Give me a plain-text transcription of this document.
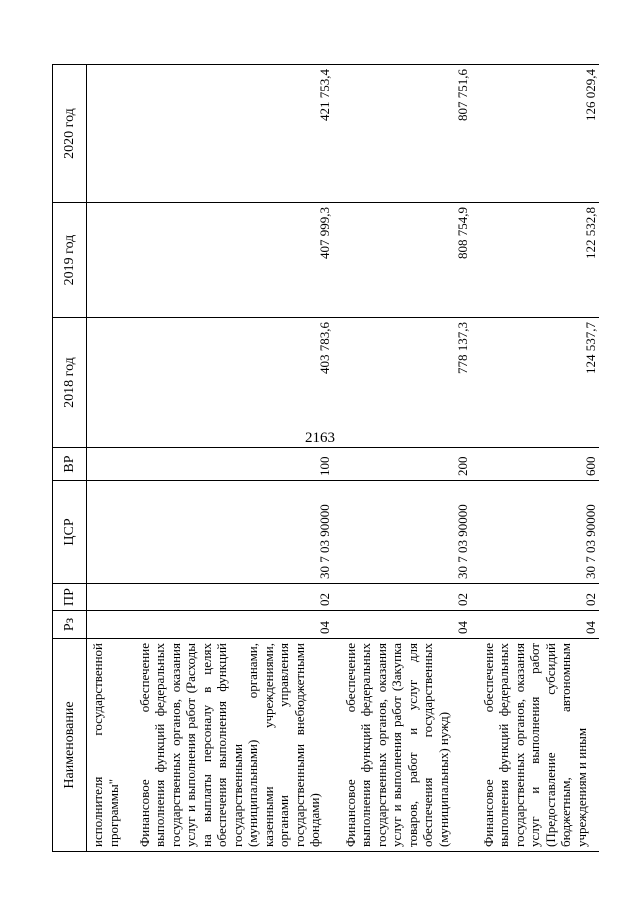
2163
Наименование	Рз	ПР	ЦСР	ВР	2018 год	2019 год	2020 год
исполнителя государственной программы"							
Финансовое обеспечение выполнения функций федеральных государственных органов, оказания услуг и выполнения работ (Расходы на выплаты персоналу в целях обеспечения выполнения функций государственными (муниципальными) органами, казенными учреждениями, органами управления государственными внебюджетными фондами)	04	02	30 7 03 90000	100	403 783,6	407 999,3	421 753,4
Финансовое обеспечение выполнения функций федеральных государственных органов, оказания услуг и выполнения работ (Закупка товаров, работ и услуг для обеспечения государственных (муниципальных) нужд)	04	02	30 7 03 90000	200	778 137,3	808 754,9	807 751,6
Финансовое обеспечение выполнения функций федеральных государственных органов, оказания услуг и выполнения работ (Предоставление субсидий бюджетным, автономным учреждениям и иным	04	02	30 7 03 90000	600	124 537,7	122 532,8	126 029,4
